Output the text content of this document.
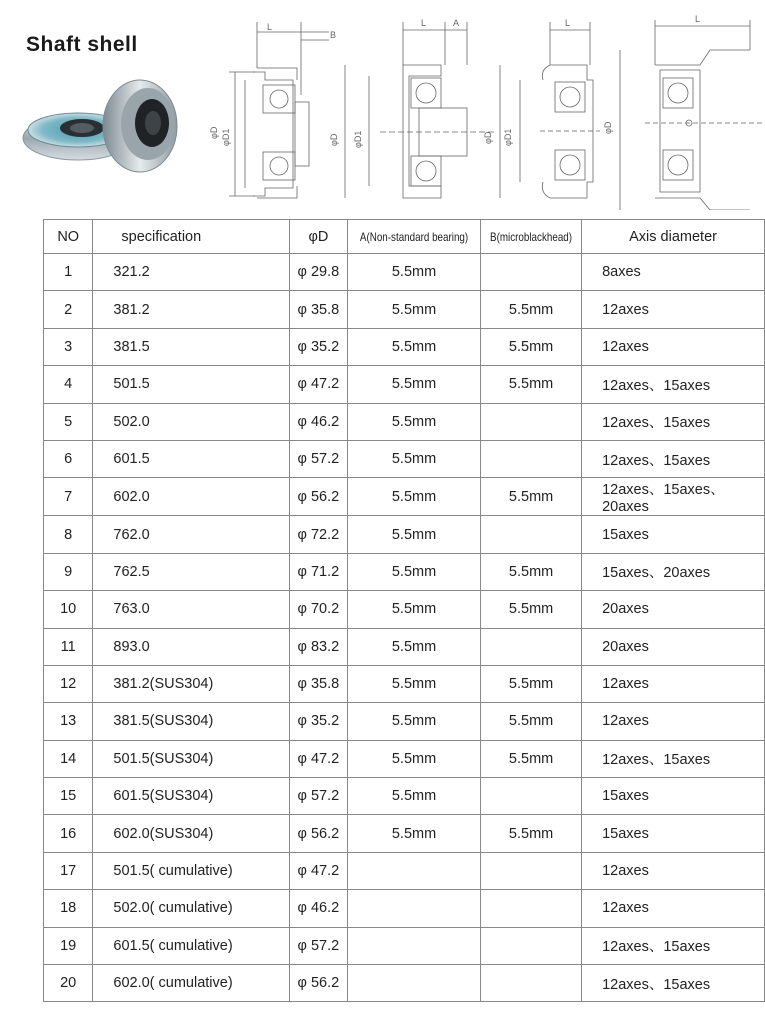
Shaft shell
L
B
φD φD1
L	A
φD φD1
L
φD φD1
L
φD
NO	specification	φD	A(Non-standard bearing)	B(microblackhead)	Axis diameter
1	321.2	φ 29.8	5.5mm		8axes
2	381.2	φ 35.8	5.5mm	5.5mm	12axes
3	381.5	φ 35.2	5.5mm	5.5mm	12axes
4	501.5	φ 47.2	5.5mm	5.5mm	12axes、15axes
5	502.0	φ 46.2	5.5mm		12axes、15axes
6	601.5	φ 57.2	5.5mm		12axes、15axes
7	602.0	φ 56.2	5.5mm	5.5mm	12axes、15axes、20axes
8	762.0	φ 72.2	5.5mm		15axes
9	762.5	φ 71.2	5.5mm	5.5mm	15axes、20axes
10	763.0	φ 70.2	5.5mm	5.5mm	20axes
11	893.0	φ 83.2	5.5mm		20axes
12	381.2(SUS304)	φ 35.8	5.5mm	5.5mm	12axes
13	381.5(SUS304)	φ 35.2	5.5mm	5.5mm	12axes
14	501.5(SUS304)	φ 47.2	5.5mm	5.5mm	12axes、15axes
15	601.5(SUS304)	φ 57.2	5.5mm		15axes
16	602.0(SUS304)	φ 56.2	5.5mm	5.5mm	15axes
17	501.5( cumulative)	φ 47.2			12axes
18	502.0( cumulative)	φ 46.2			12axes
19	601.5( cumulative)	φ 57.2			12axes、15axes
20	602.0( cumulative)	φ 56.2			12axes、15axes
